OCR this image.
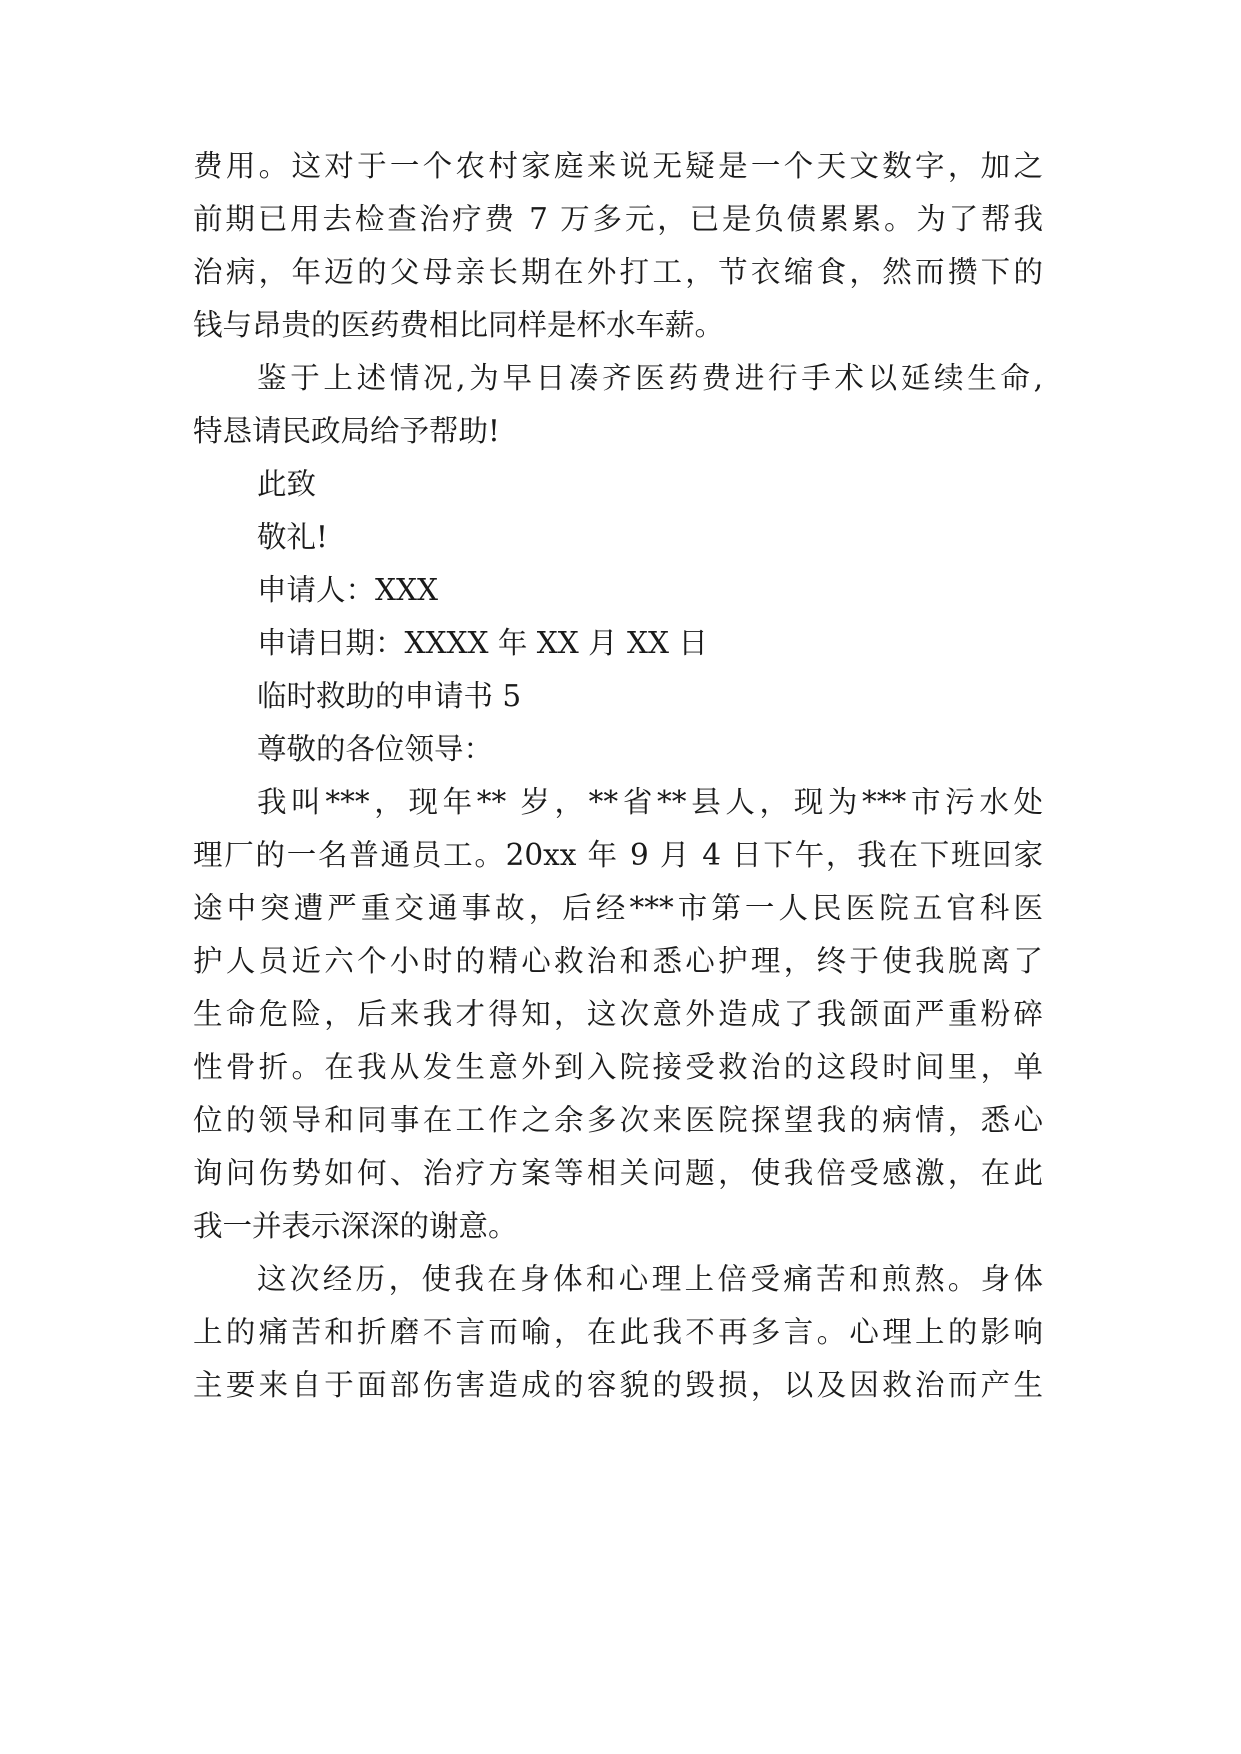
费用。这对于一个农村家庭来说无疑是一个天文数字，加之

前期已用去检查治疗费 7 万多元，已是负债累累。为了帮我

治病，年迈的父母亲长期在外打工，节衣缩食，然而攒下的

钱与昂贵的医药费相比同样是杯水车薪。

鉴于上述情况,为早日凑齐医药费进行手术以延续生命,

特恳请民政局给予帮助!

此致

敬礼!

申请人：XXX

申请日期：XXXX 年 XX 月 XX 日

临时救助的申请书 5

尊敬的各位领导：

我叫***，现年** 岁，**省**县人，现为***市污水处

理厂的一名普通员工。20xx 年 9 月 4 日下午，我在下班回家

途中突遭严重交通事故，后经***市第一人民医院五官科医

护人员近六个小时的精心救治和悉心护理，终于使我脱离了

生命危险，后来我才得知，这次意外造成了我颌面严重粉碎

性骨折。在我从发生意外到入院接受救治的这段时间里，单

位的领导和同事在工作之余多次来医院探望我的病情，悉心

询问伤势如何、治疗方案等相关问题，使我倍受感激，在此

我一并表示深深的谢意。

这次经历，使我在身体和心理上倍受痛苦和煎熬。身体

上的痛苦和折磨不言而喻，在此我不再多言。心理上的影响

主要来自于面部伤害造成的容貌的毁损，以及因救治而产生
